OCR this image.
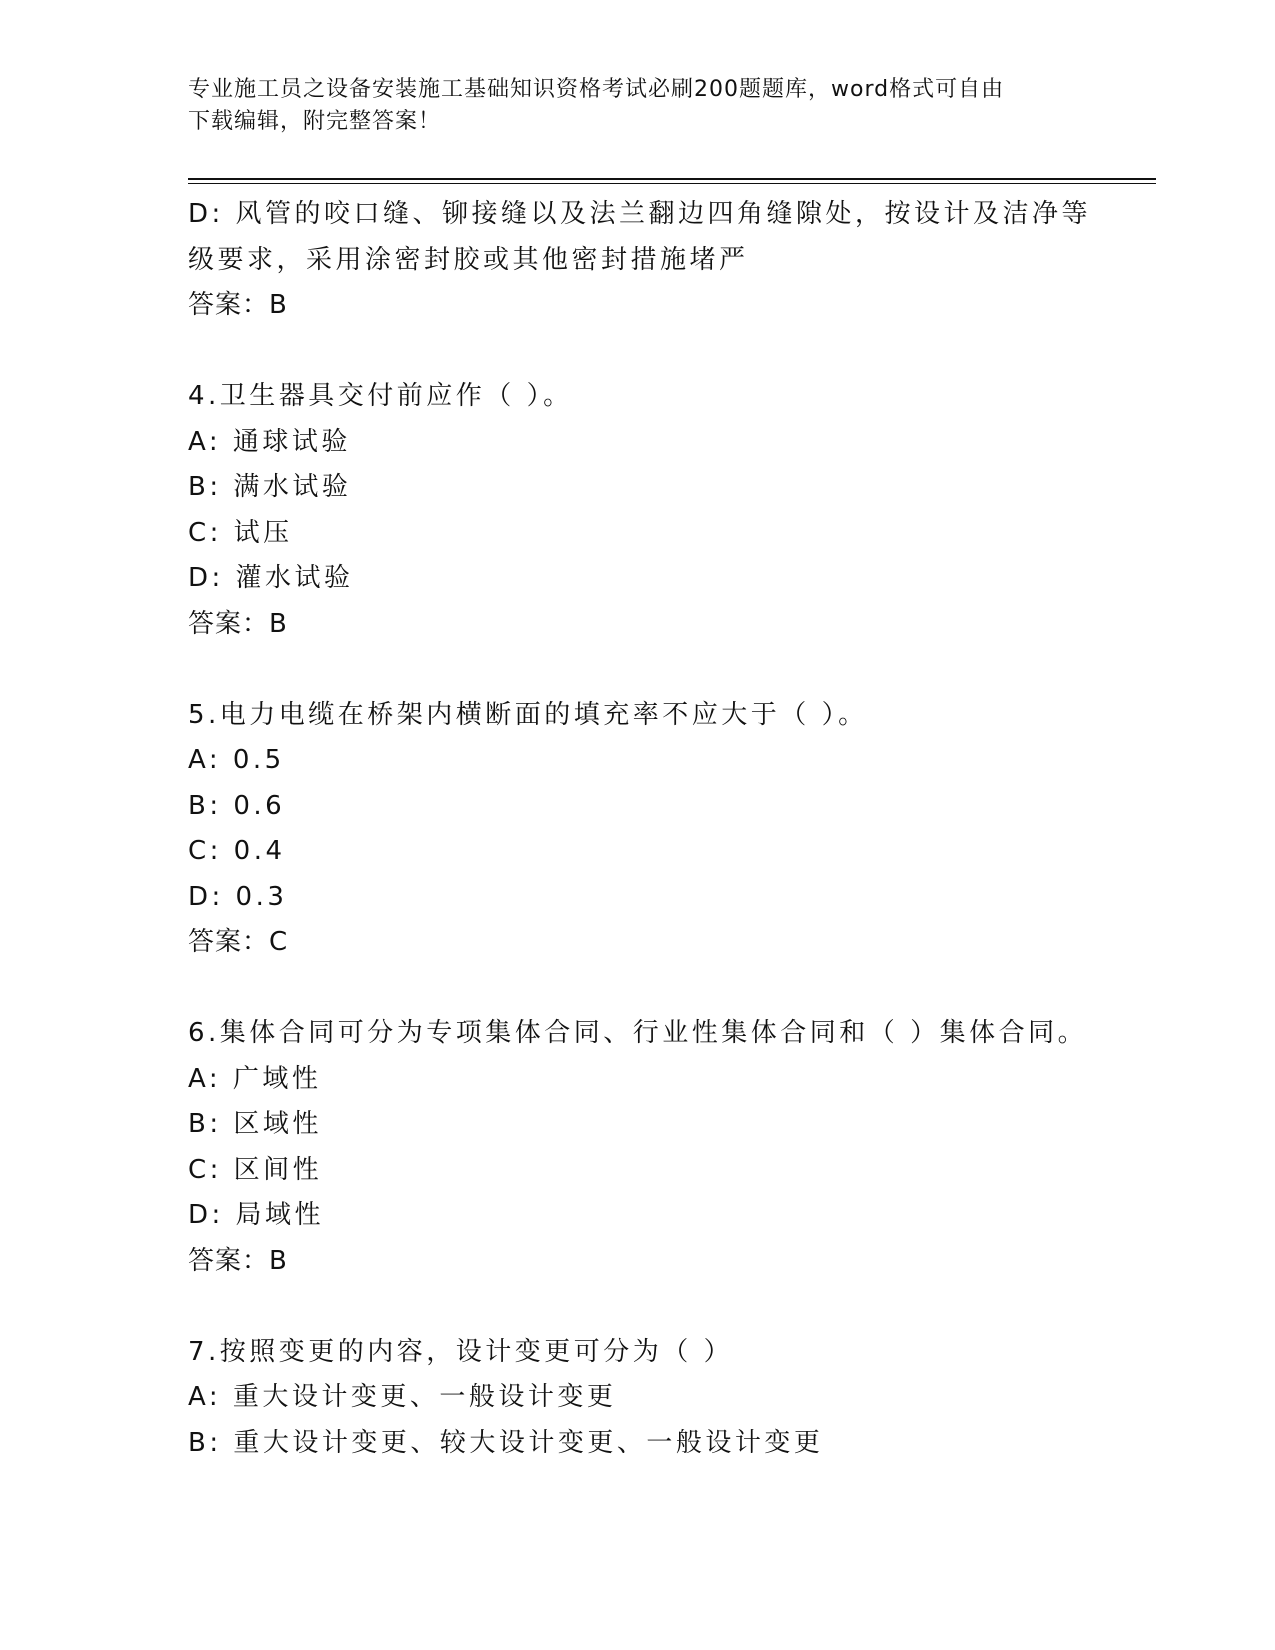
专业施工员之设备安装施工基础知识资格考试必刷200题题库，word格式可自由
下载编辑，附完整答案！
D: 风管的咬口缝、铆接缝以及法兰翻边四角缝隙处，按设计及洁净等
级要求，采用涂密封胶或其他密封措施堵严
答案：B
4.卫生器具交付前应作（ ）。
A: 通球试验
B: 满水试验
C: 试压
D: 灌水试验
答案：B
5.电力电缆在桥架内横断面的填充率不应大于（ ）。
A: 0.5
B: 0.6
C: 0.4
D: 0.3
答案：C
6.集体合同可分为专项集体合同、行业性集体合同和（ ）集体合同。
A: 广域性
B: 区域性
C: 区间性
D: 局域性
答案：B
7.按照变更的内容，设计变更可分为（ ）
A: 重大设计变更、一般设计变更
B: 重大设计变更、较大设计变更、一般设计变更
